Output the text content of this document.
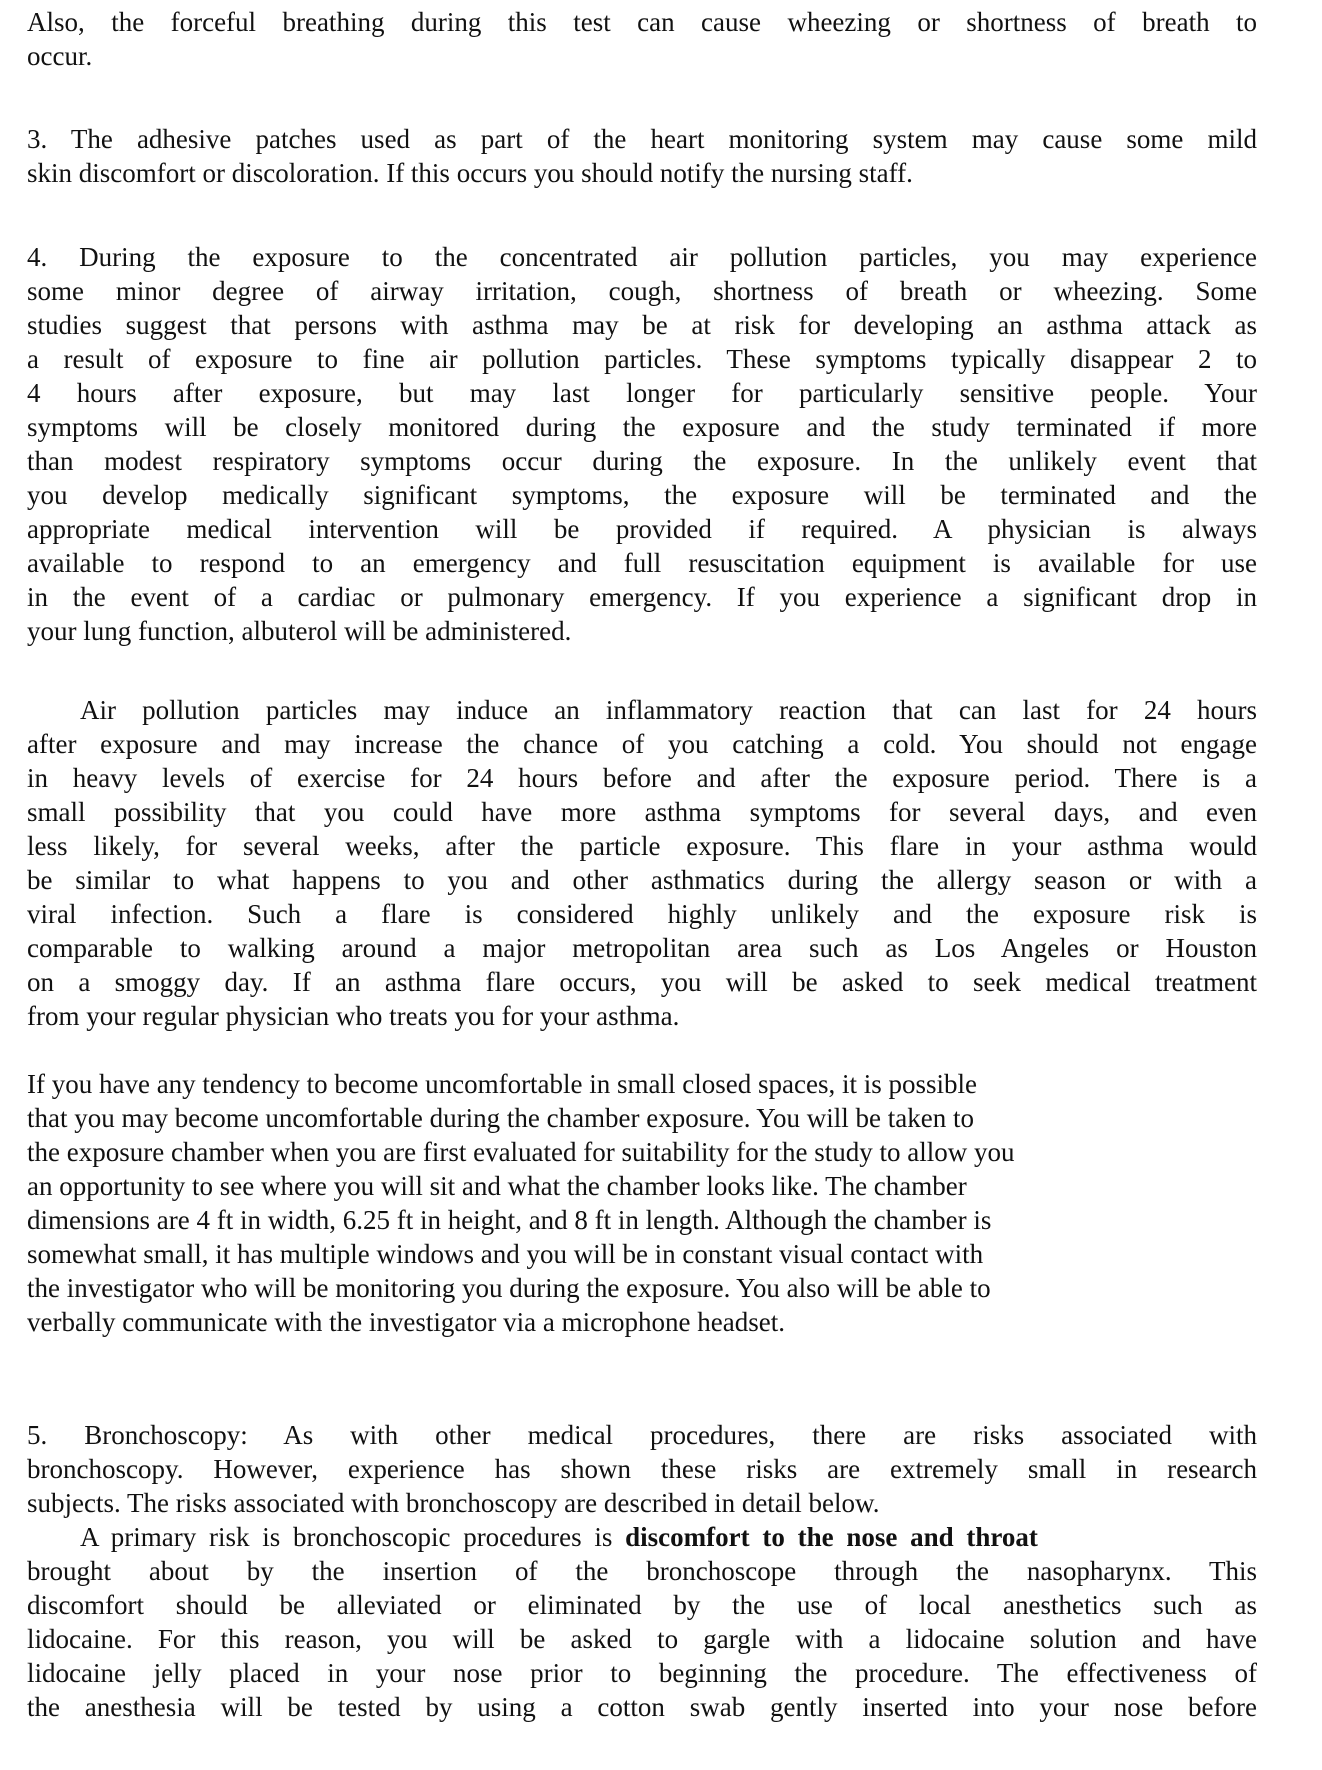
Also, the forceful breathing during this test can cause wheezing or shortness of breath to
occur.
3. The adhesive patches used as part of the heart monitoring system may cause some mild
skin discomfort or discoloration. If this occurs you should notify the nursing staff.
4. During the exposure to the concentrated air pollution particles, you may experience
some minor degree of airway irritation, cough, shortness of breath or wheezing. Some
studies suggest that persons with asthma may be at risk for developing an asthma attack as
a result of exposure to fine air pollution particles. These symptoms typically disappear 2 to
4 hours after exposure, but may last longer for particularly sensitive people. Your
symptoms will be closely monitored during the exposure and the study terminated if more
than modest respiratory symptoms occur during the exposure. In the unlikely event that
you develop medically significant symptoms, the exposure will be terminated and the
appropriate medical intervention will be provided if required. A physician is always
available to respond to an emergency and full resuscitation equipment is available for use
in the event of a cardiac or pulmonary emergency. If you experience a significant drop in
your lung function, albuterol will be administered.
Air pollution particles may induce an inflammatory reaction that can last for 24 hours
after exposure and may increase the chance of you catching a cold. You should not engage
in heavy levels of exercise for 24 hours before and after the exposure period. There is a
small possibility that you could have more asthma symptoms for several days, and even
less likely, for several weeks, after the particle exposure. This flare in your asthma would
be similar to what happens to you and other asthmatics during the allergy season or with a
viral infection. Such a flare is considered highly unlikely and the exposure risk is
comparable to walking around a major metropolitan area such as Los Angeles or Houston
on a smoggy day. If an asthma flare occurs, you will be asked to seek medical treatment
from your regular physician who treats you for your asthma.
If you have any tendency to become uncomfortable in small closed spaces, it is possible
that you may become uncomfortable during the chamber exposure. You will be taken to
the exposure chamber when you are first evaluated for suitability for the study to allow you
an opportunity to see where you will sit and what the chamber looks like. The chamber
dimensions are 4 ft in width, 6.25 ft in height, and 8 ft in length. Although the chamber is
somewhat small, it has multiple windows and you will be in constant visual contact with
the investigator who will be monitoring you during the exposure. You also will be able to
verbally communicate with the investigator via a microphone headset.
5. Bronchoscopy: As with other medical procedures, there are risks associated with
bronchoscopy. However, experience has shown these risks are extremely small in research
subjects. The risks associated with bronchoscopy are described in detail below.
A primary risk is bronchoscopic procedures is discomfort to the nose and throat
brought about by the insertion of the bronchoscope through the nasopharynx. This
discomfort should be alleviated or eliminated by the use of local anesthetics such as
lidocaine. For this reason, you will be asked to gargle with a lidocaine solution and have
lidocaine jelly placed in your nose prior to beginning the procedure. The effectiveness of
the anesthesia will be tested by using a cotton swab gently inserted into your nose before
